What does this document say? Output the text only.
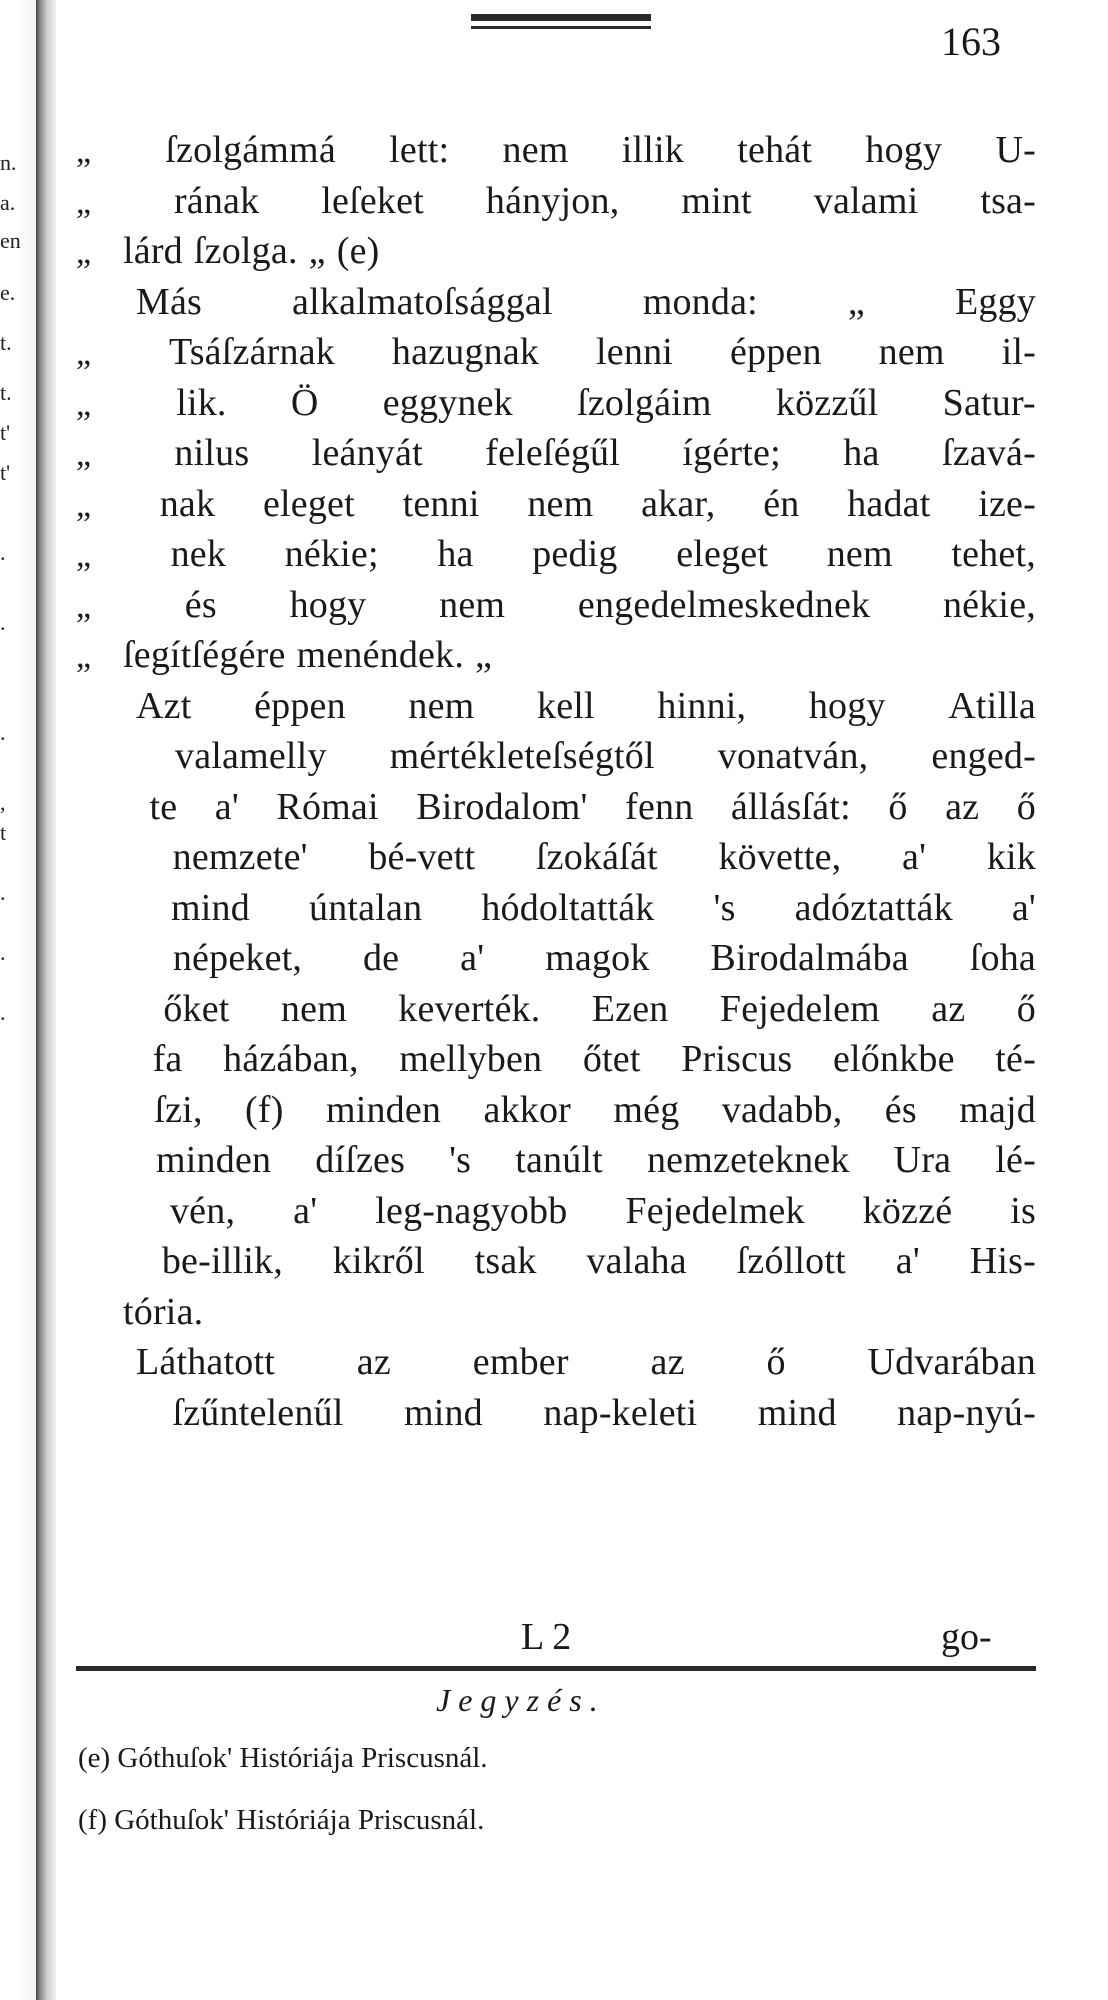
n.
a.
en
e.
t.
t.
t'
t'
.
.
.
,
t
.
.
.
163
„	ſzolgámmá lett: nem illik tehát hogy U-
„	rának leſeket hányjon, mint valami tsa-
„ lárd ſzolga. „ (e)
Más alkalmatoſsággal monda: „ Eggy
„	Tsáſzárnak hazugnak lenni éppen nem il-
„	lik. Ö eggynek ſzolgáim közzűl Satur-
„	nilus leányát feleſégűl ígérte; ha ſzavá-
„	nak eleget tenni nem akar, én hadat ize-
„	nek nékie; ha pedig eleget nem tehet,
„	és hogy nem engedelmeskednek nékie,
„ ſegítſégére menéndek. „
Azt éppen nem kell hinni, hogy Atilla
valamelly mértékleteſségtől vonatván, enged-
te a' Római Birodalom' fenn állásſát: ő az ő
nemzete' bé-vett ſzokáſát követte, a' kik
mind úntalan hódoltatták 's adóztatták a'
népeket, de a' magok Birodalmába ſoha
őket nem keverték. Ezen Fejedelem az ő
fa házában, mellyben őtet Priscus előnkbe té-
ſzi, (f) minden akkor még vadabb, és majd
minden díſzes 's tanúlt nemzeteknek Ura lé-
vén, a' leg-nagyobb Fejedelmek közzé is
be-illik, kikről tsak valaha ſzóllott a' His-
tória.
Láthatott az ember az ő Udvarában
ſzűntelenűl mind nap-keleti mind nap-nyú-
L 2	go-
Jegyzés.
(e) Góthuſok' Históriája Priscusnál.
(f) Góthuſok' Históriája Priscusnál.
